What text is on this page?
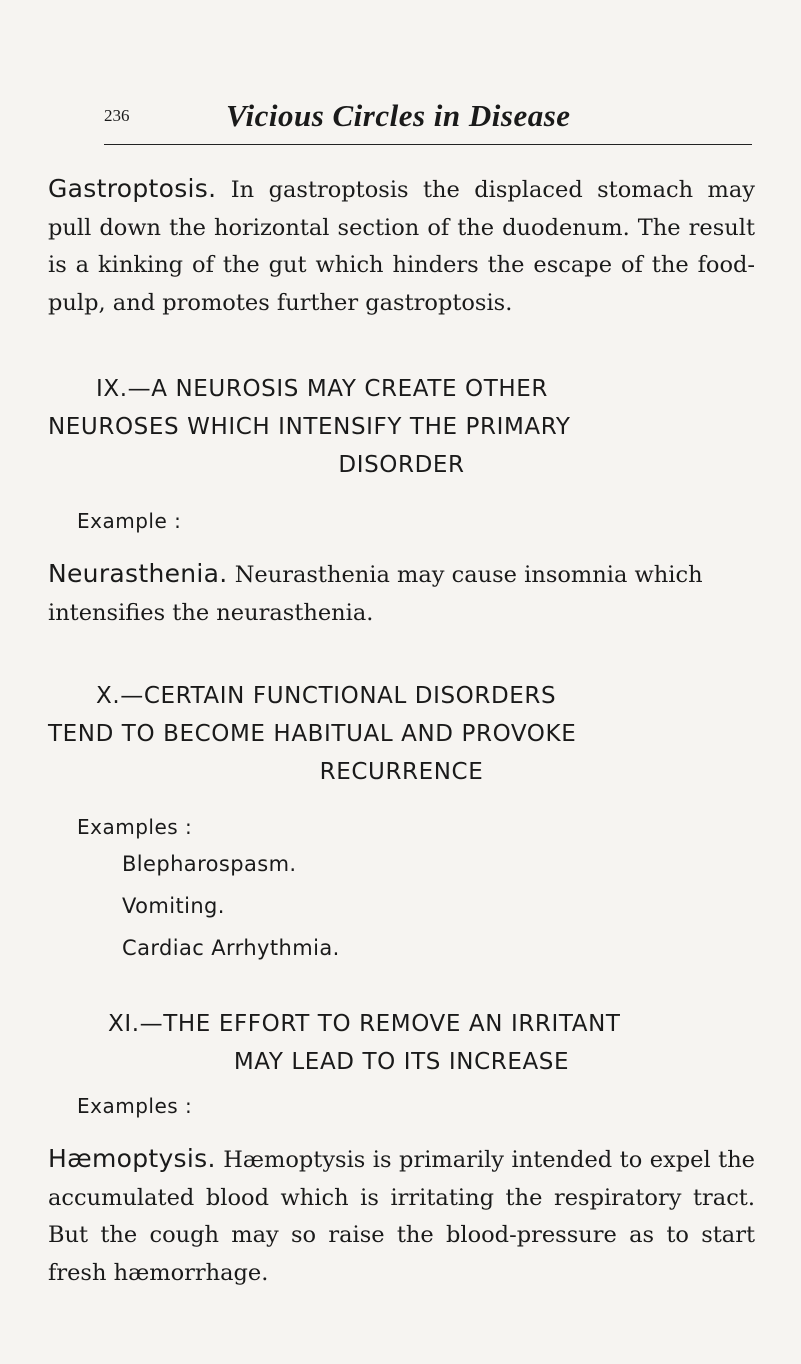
236	Vicious Circles in Disease
Gastroptosis. In gastroptosis the displaced stomach may pull down the horizontal section of the duodenum. The result is a kinking of the gut which hinders the escape of the food-pulp, and promotes further gastroptosis.
IX.—A NEUROSIS MAY CREATE OTHER
NEUROSES WHICH INTENSIFY THE PRIMARY
DISORDER
Example :
Neurasthenia. Neurasthenia may cause insomnia which intensifies the neurasthenia.
X.—CERTAIN FUNCTIONAL DISORDERS
TEND TO BECOME HABITUAL AND PROVOKE
RECURRENCE
Examples :
Blepharospasm.
Vomiting.
Cardiac Arrhythmia.
XI.—THE EFFORT TO REMOVE AN IRRITANT
MAY LEAD TO ITS INCREASE
Examples :
Hæmoptysis. Hæmoptysis is primarily intended to expel the accumulated blood which is irritating the respiratory tract. But the cough may so raise the blood-pressure as to start fresh hæmorrhage.
